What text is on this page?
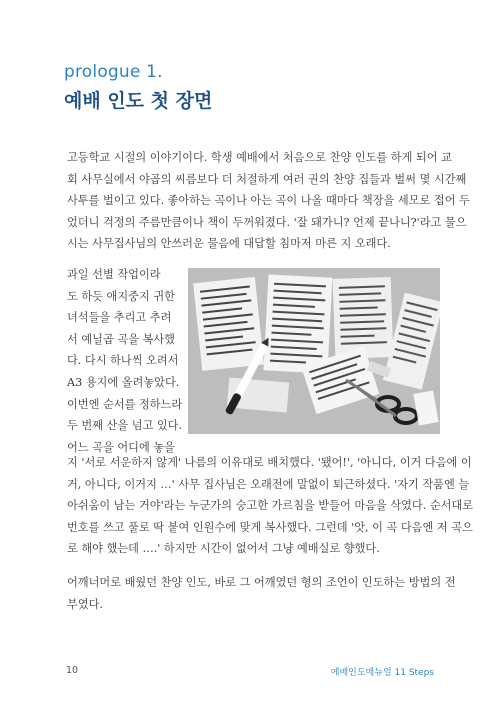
prologue 1.
예배 인도 첫 장면
고등학교 시절의 이야기이다. 학생 예배에서 처음으로 찬양 인도를 하게 되어 교
회 사무실에서 야곱의 씨름보다 더 처절하게 여러 권의 찬양 집들과 벌써 몇 시간째
사투를 벌이고 있다. 좋아하는 곡이나 아는 곡이 나올 때마다 책장을 세모로 접어 두
었더니 걱정의 주름만큼이나 책이 두꺼워졌다. '잘 돼가니? 언제 끝나니?'라고 물으
시는 사무집사님의 안쓰러운 물음에 대답할 침마저 마른 지 오래다.
과일 선별 작업이라
도 하듯 애지중지 귀한
녀석들을 추리고 추려
서 예닐곱 곡을 복사했
다. 다시 하나씩 오려서
A3 용지에 올려놓았다.
이번엔 순서를 정하느라
두 번째 산을 넘고 있다.
어느 곡을 어디에 놓을
지 '서로 서운하지 않게' 나름의 이유대로 배치했다. '됐어!', '아니다, 이거 다음에 이
거, 아니다, 이거지 …' 사무 집사님은 오래전에 말없이 퇴근하셨다. '자기 작품엔 늘
아쉬움이 남는 거야'라는 누군가의 숭고한 가르침을 받들어 마음을 삭였다. 순서대로
번호를 쓰고 풀로 딱 붙여 인원수에 맞게 복사했다. 그런데 '앗, 이 곡 다음엔 저 곡으
로 해야 했는데 ….' 하지만 시간이 없어서 그냥 예배실로 향했다.
어깨너머로 배웠던 찬양 인도, 바로 그 어깨였던 형의 조언이 인도하는 방법의 전
부였다.
10	예배인도매뉴얼 11 Steps
